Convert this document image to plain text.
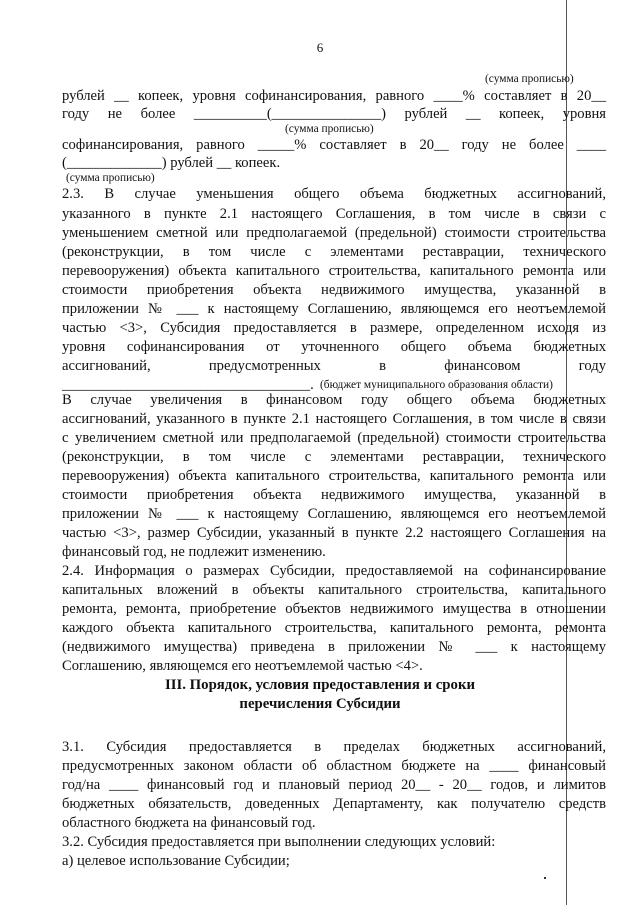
6
(сумма прописью)
рублей __ копеек, уровня софинансирования, равного ____% составляет в 20__
году не более __________(_______________) рублей __ копеек, уровня
(сумма прописью)
софинансирования, равного _____% составляет в 20__ году не более ____
(_____________) рублей __ копеек.
(сумма прописью)
2.3. В случае уменьшения общего объема бюджетных ассигнований,
указанного в пункте 2.1 настоящего Соглашения, в том числе в связи с
уменьшением сметной или предполагаемой (предельной) стоимости строительства
(реконструкции, в том числе с элементами реставрации, технического
перевооружения) объекта капитального строительства, капитального ремонта или
стоимости приобретения объекта недвижимого имущества, указанной в
приложении № ___ к настоящему Соглашению, являющемся его неотъемлемой
частью <3>, Субсидия предоставляется в размере, определенном исходя из
уровня софинансирования от уточненного общего объема бюджетных
ассигнований, предусмотренных в финансовом году
__________________________________. (бюджет муниципального образования области)
В случае увеличения в финансовом году общего объема бюджетных
ассигнований, указанного в пункте 2.1 настоящего Соглашения, в том числе в связи
с увеличением сметной или предполагаемой (предельной) стоимости строительства
(реконструкции, в том числе с элементами реставрации, технического
перевооружения) объекта капитального строительства, капитального ремонта или
стоимости приобретения объекта недвижимого имущества, указанной в
приложении № ___ к настоящему Соглашению, являющемся его неотъемлемой
частью <3>, размер Субсидии, указанный в пункте 2.2 настоящего Соглашения на
финансовый год, не подлежит изменению.
2.4. Информация о размерах Субсидии, предоставляемой на софинансирование
капитальных вложений в объекты капитального строительства, капитального
ремонта, ремонта, приобретение объектов недвижимого имущества в отношении
каждого объекта капитального строительства, капитального ремонта, ремонта
(недвижимого имущества) приведена в приложении № ___ к настоящему
Соглашению, являющемся его неотъемлемой частью <4>.
3.1. Субсидия предоставляется в пределах бюджетных ассигнований,
предусмотренных законом области об областном бюджете на ____ финансовый
год/на ____ финансовый год и плановый период 20__ - 20__ годов, и лимитов
бюджетных обязательств, доведенных Департаменту, как получателю средств
областного бюджета на финансовый год.
3.2. Субсидия предоставляется при выполнении следующих условий:
а) целевое использование Субсидии;
III. Порядок, условия предоставления и сроки
перечисления Субсидии
